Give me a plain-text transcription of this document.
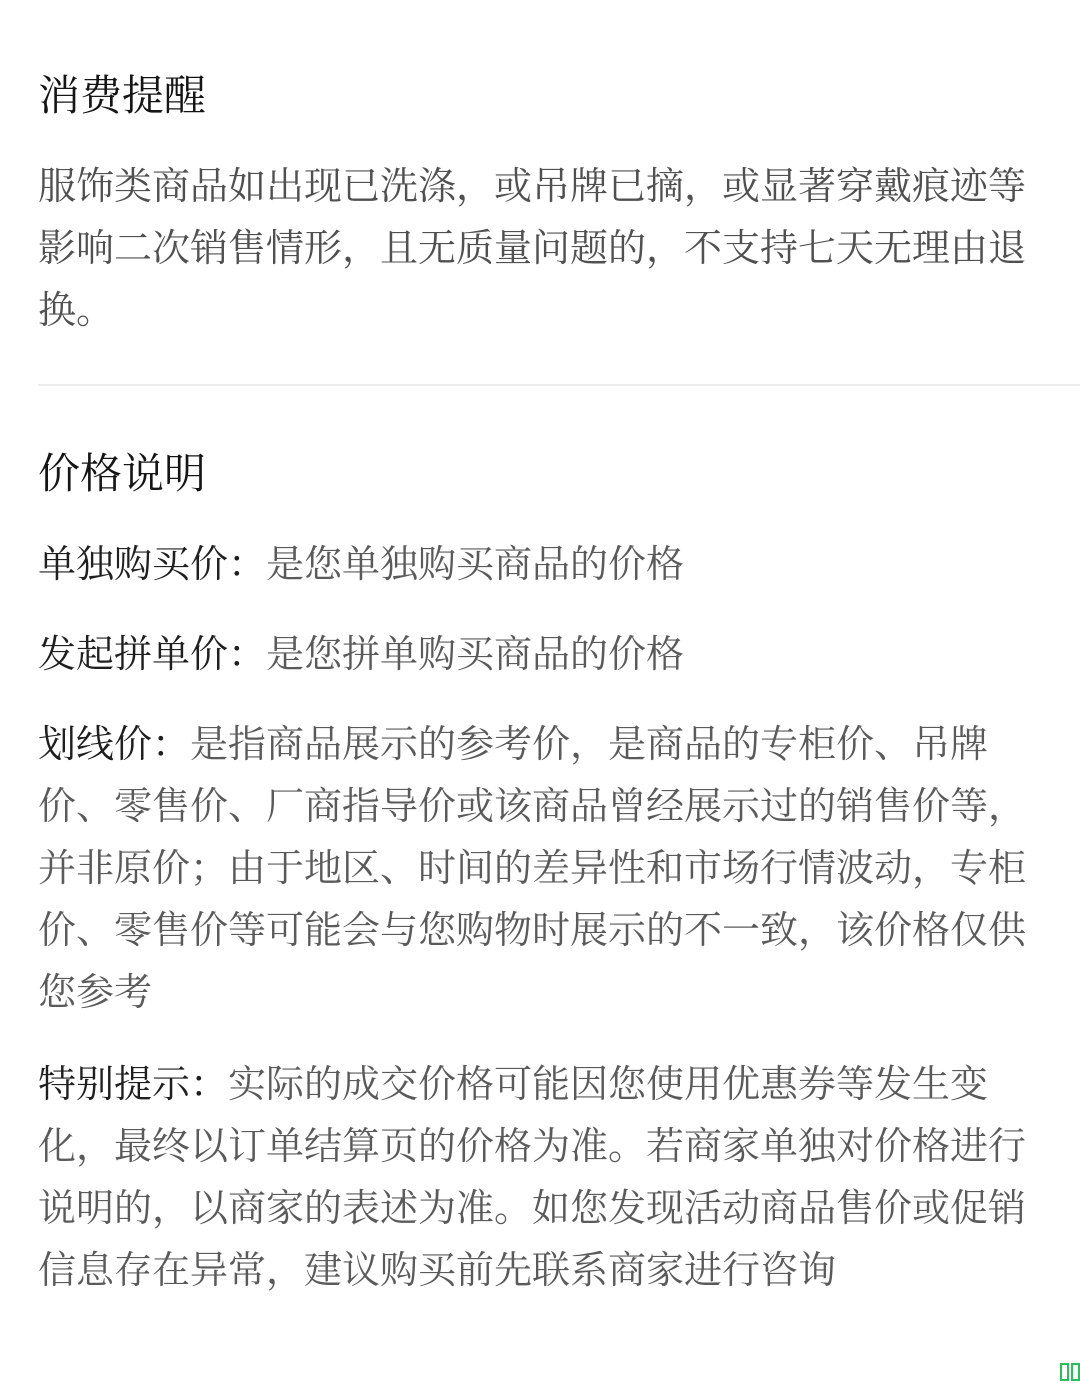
消费提醒
服饰类商品如出现已洗涤，或吊牌已摘，或显著穿戴痕迹等影响二次销售情形，且无质量问题的，不支持七天无理由退换。
价格说明
单独购买价：是您单独购买商品的价格
发起拼单价：是您拼单购买商品的价格
划线价：是指商品展示的参考价，是商品的专柜价、吊牌价、零售价、厂商指导价或该商品曾经展示过的销售价等，并非原价；由于地区、时间的差异性和市场行情波动，专柜价、零售价等可能会与您购物时展示的不一致，该价格仅供您参考
特别提示：实际的成交价格可能因您使用优惠券等发生变化，最终以订单结算页的价格为准。若商家单独对价格进行说明的，以商家的表述为准。如您发现活动商品售价或促销信息存在异常，建议购买前先联系商家进行咨询
